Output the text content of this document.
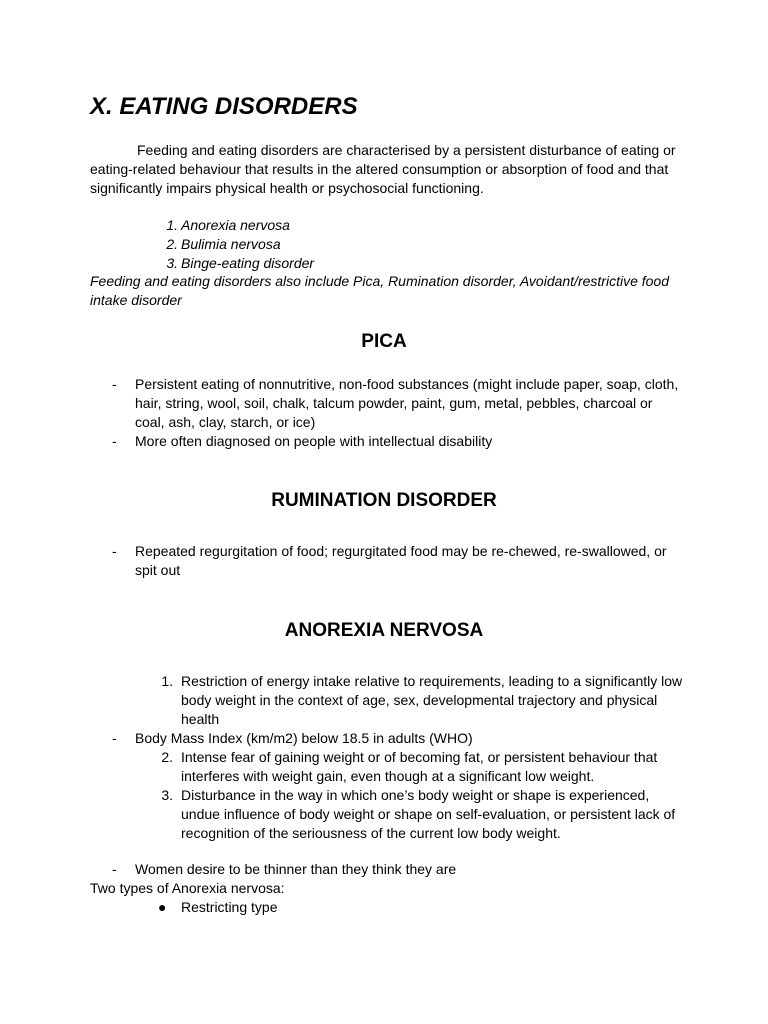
X. EATING DISORDERS

Feeding and eating disorders are characterised by a persistent disturbance of eating or eating-related behaviour that results in the altered consumption or absorption of food and that significantly impairs physical health or psychosocial functioning.

1. Anorexia nervosa
2. Bulimia nervosa
3. Binge-eating disorder

Feeding and eating disorders also include Pica, Rumination disorder, Avoidant/restrictive food intake disorder

PICA
- Persistent eating of nonnutritive, non-food substances (might include paper, soap, cloth, hair, string, wool, soil, chalk, talcum powder, paint, gum, metal, pebbles, charcoal or coal, ash, clay, starch, or ice)
- More often diagnosed on people with intellectual disability
RUMINATION DISORDER
- Repeated regurgitation of food; regurgitated food may be re-chewed, re-swallowed, or spit out
ANOREXIA NERVOSA
1. Restriction of energy intake relative to requirements, leading to a significantly low body weight in the context of age, sex, developmental trajectory and physical health
- Body Mass Index (km/m2) below 18.5 in adults (WHO)
2. Intense fear of gaining weight or of becoming fat, or persistent behaviour that interferes with weight gain, even though at a significant low weight.
3. Disturbance in the way in which one’s body weight or shape is experienced, undue influence of body weight or shape on self-evaluation, or persistent lack of recognition of the seriousness of the current low body weight.
- Women desire to be thinner than they think they are

Two types of Anorexia nervosa:

● Restricting type
